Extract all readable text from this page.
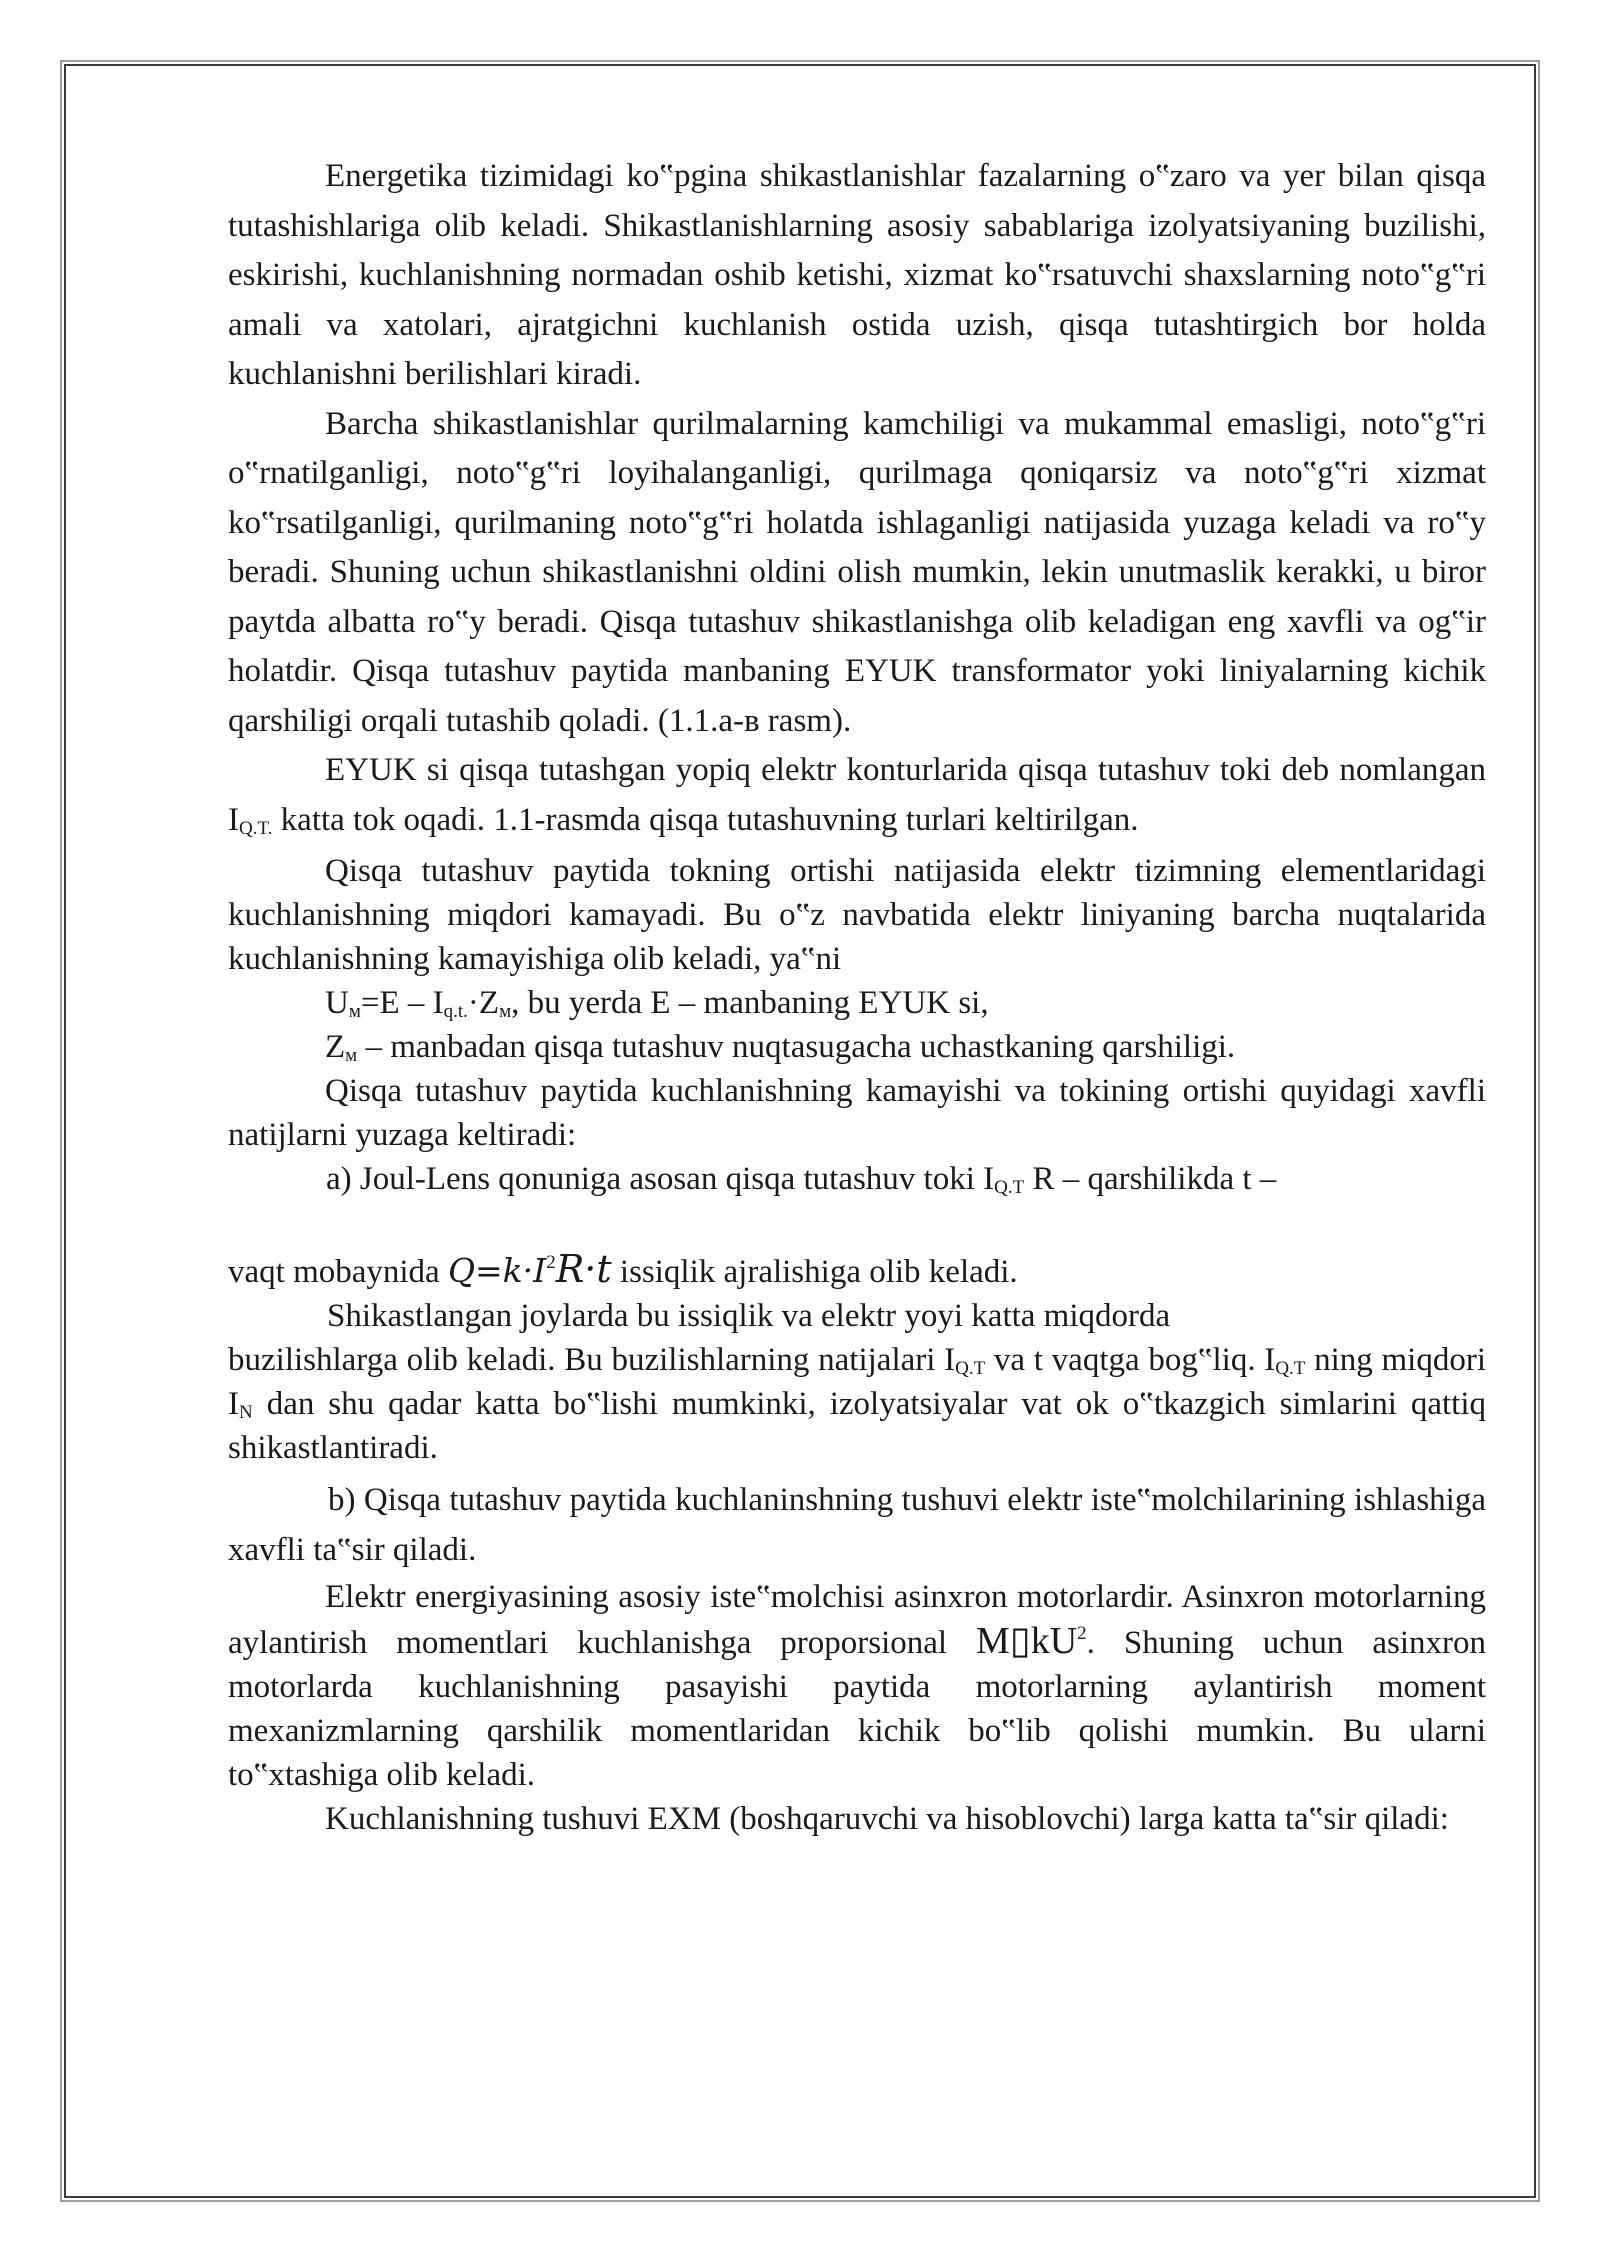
Energetika tizimidagi ko‟pgina shikastlanishlar fazalarning o‟zaro va yer bilan qisqa tutashishlariga olib keladi. Shikastlanishlarning asosiy sabablariga izolyatsiyaning buzilishi, eskirishi, kuchlanishning normadan oshib ketishi, xizmat ko‟rsatuvchi shaxslarning noto‟g‟ri amali va xatolari, ajratgichni kuchlanish ostida uzish, qisqa tutashtirgich bor holda kuchlanishni berilishlari kiradi.

Barcha shikastlanishlar qurilmalarning kamchiligi va mukammal emasligi, noto‟g‟ri o‟rnatilganligi, noto‟g‟ri loyihalanganligi, qurilmaga qoniqarsiz va noto‟g‟ri xizmat ko‟rsatilganligi, qurilmaning noto‟g‟ri holatda ishlaganligi natijasida yuzaga keladi va ro‟y beradi. Shuning uchun shikastlanishni oldini olish mumkin, lekin unutmaslik kerakki, u biror paytda albatta ro‟y beradi. Qisqa tutashuv shikastlanishga olib keladigan eng xavfli va og‟ir holatdir. Qisqa tutashuv paytida manbaning EYUK transformator yoki liniyalarning kichik qarshiligi orqali tutashib qoladi. (1.1.a-в rasm).

EYUK si qisqa tutashgan yopiq elektr konturlarida qisqa tutashuv toki deb nomlangan $I_{Q.T.}$ katta tok oqadi. 1.1-rasmda qisqa tutashuvning turlari keltirilgan.

Qisqa tutashuv paytida tokning ortishi natijasida elektr tizimning elementlaridagi kuchlanishning miqdori kamayadi. Bu o‟z navbatida elektr liniyaning barcha nuqtalarida kuchlanishning kamayishiga olib keladi, ya‟ni

$U_м=E - I_{q.t.}\cdot Z_м$, bu yerda E – manbaning EYUK si,

$Z_м$ – manbadan qisqa tutashuv nuqtasugacha uchastkaning qarshiligi.

Qisqa tutashuv paytida kuchlanishning kamayishi va tokining ortishi quyidagi xavfli natijlarni yuzaga keltiradi:

a) Joul-Lens qonuniga asosan qisqa tutashuv toki $I_{Q.T}$ R – qarshilikda t –

vaqt mobaynida $Q=k\cdot I^2R\cdot t$ issiqlik ajralishiga olib keladi.

Shikastlangan joylarda bu issiqlik va elektr yoyi katta miqdorda

buzilishlarga olib keladi. Bu buzilishlarning natijalari $I_{Q.T}$ va t vaqtga bog‟liq. $I_{Q.T}$ ning miqdori $I_N$ dan shu qadar katta bo‟lishi mumkinki, izolyatsiyalar vat ok o‟tkazgich simlarini qattiq shikastlantiradi.

b) Qisqa tutashuv paytida kuchlaninshning tushuvi elektr iste‟molchilarining ishlashiga xavfli ta‟sir qiladi.

Elektr energiyasining asosiy iste‟molchisi asinxron motorlardir. Asinxron motorlarning aylantirish momentlari kuchlanishga proporsional $M▯kU^2$. Shuning uchun asinxron motorlarda kuchlanishning pasayishi paytida motorlarning aylantirish moment mexanizmlarning qarshilik momentlaridan kichik bo‟lib qolishi mumkin. Bu ularni to‟xtashiga olib keladi.

Kuchlanishning tushuvi EXM (boshqaruvchi va hisoblovchi) larga katta ta‟sir qiladi:
